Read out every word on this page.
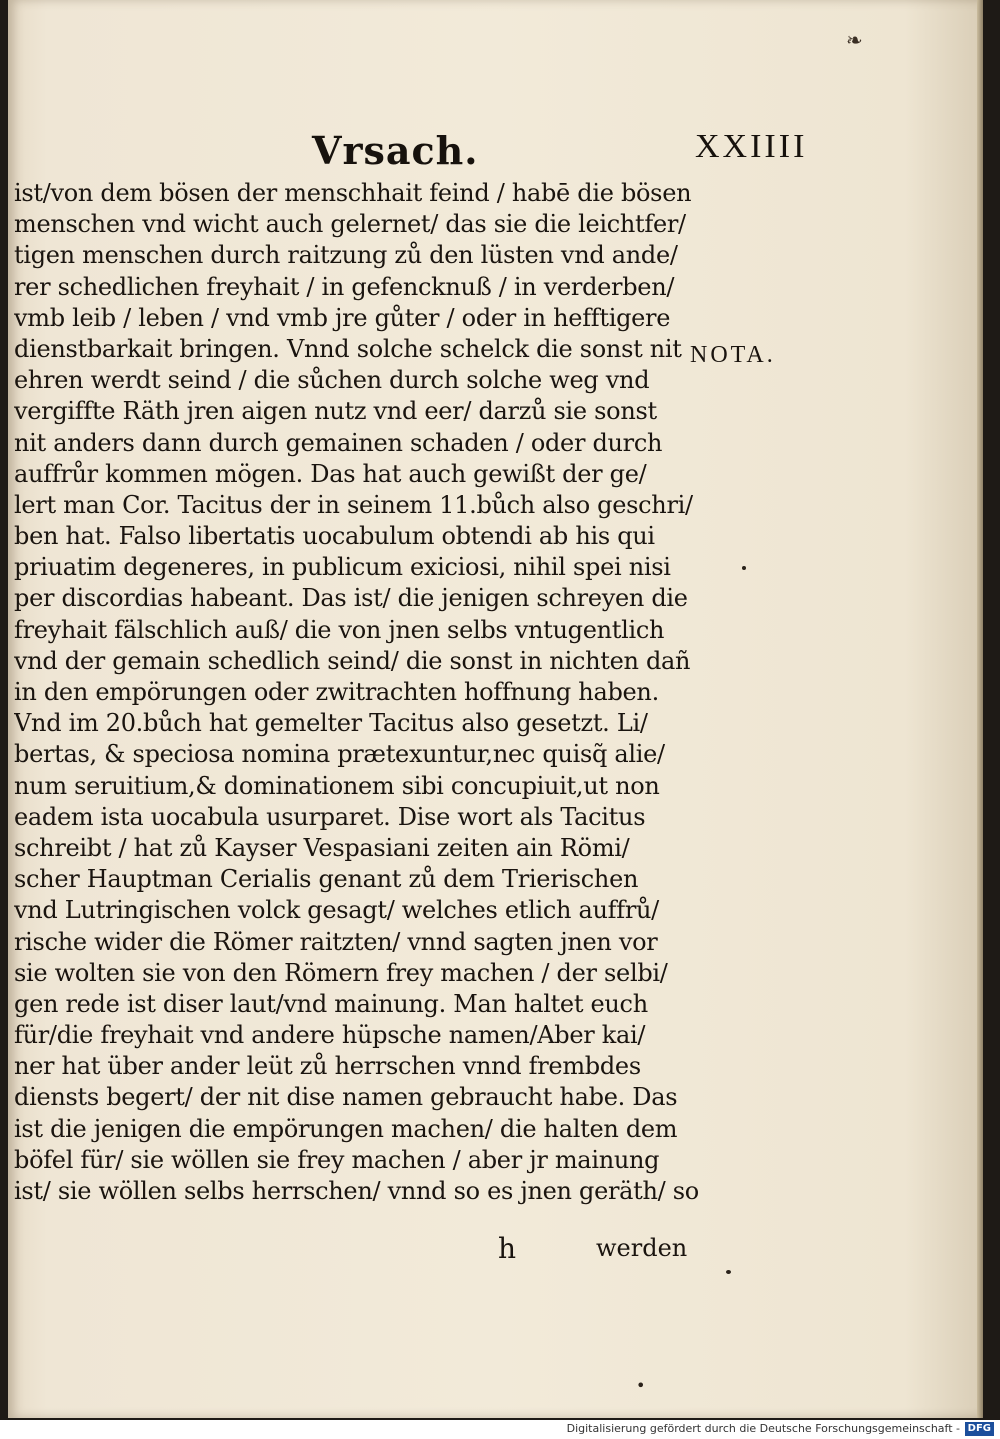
❧
Vrsach.	XXIIII
ist/von dem bösen der menschhait feind / habē die bösen
menschen vnd wicht auch gelernet/ das sie die leichtfer/
tigen menschen durch raitzung zů den lüsten vnd ande/
rer schedlichen freyhait / in gefencknuß / in verderben/
vmb leib / leben / vnd vmb jre gůter / oder in hefftigere
dienstbarkait bringen. Vnnd solche schelck die sonst nit
ehren werdt seind / die sůchen durch solche weg vnd
vergiffte Räth jren aigen nutz vnd eer/ darzů sie sonst
nit anders dann durch gemainen schaden / oder durch
auffrůr kommen mögen. Das hat auch gewißt der ge/
lert man Cor. Tacitus der in seinem 11.bůch also geschri/
ben hat. Falso libertatis uocabulum obtendi ab his qui
priuatim degeneres, in publicum exiciosi, nihil spei nisi
per discordias habeant. Das ist/ die jenigen schreyen die
freyhait fälschlich auß/ die von jnen selbs vntugentlich
vnd der gemain schedlich seind/ die sonst in nichten dañ
in den empörungen oder zwitrachten hoffnung haben.
Vnd im 20.bůch hat gemelter Tacitus also gesetzt. Li/
bertas, & speciosa nomina prætexuntur,nec quisq̃ alie/
num seruitium,& dominationem sibi concupiuit,ut non
eadem ista uocabula usurparet. Dise wort als Tacitus
schreibt / hat zů Kayser Vespasiani zeiten ain Römi/
scher Hauptman Cerialis genant zů dem Trierischen
vnd Lutringischen volck gesagt/ welches etlich auffrů/
rische wider die Römer raitzten/ vnnd sagten jnen vor
sie wolten sie von den Römern frey machen / der selbi/
gen rede ist diser laut/vnd mainung. Man haltet euch
für/die freyhait vnd andere hüpsche namen/Aber kai/
ner hat über ander leüt zů herrschen vnnd frembdes
diensts begert/ der nit dise namen gebraucht habe. Das
ist die jenigen die empörungen machen/ die halten dem
böfel für/ sie wöllen sie frey machen / aber jr mainung
ist/ sie wöllen selbs herrschen/ vnnd so es jnen geräth/ so
NOTA.
h	werden
•
Digitalisierung gefördert durch die Deutsche Forschungsgemeinschaft - DFG
